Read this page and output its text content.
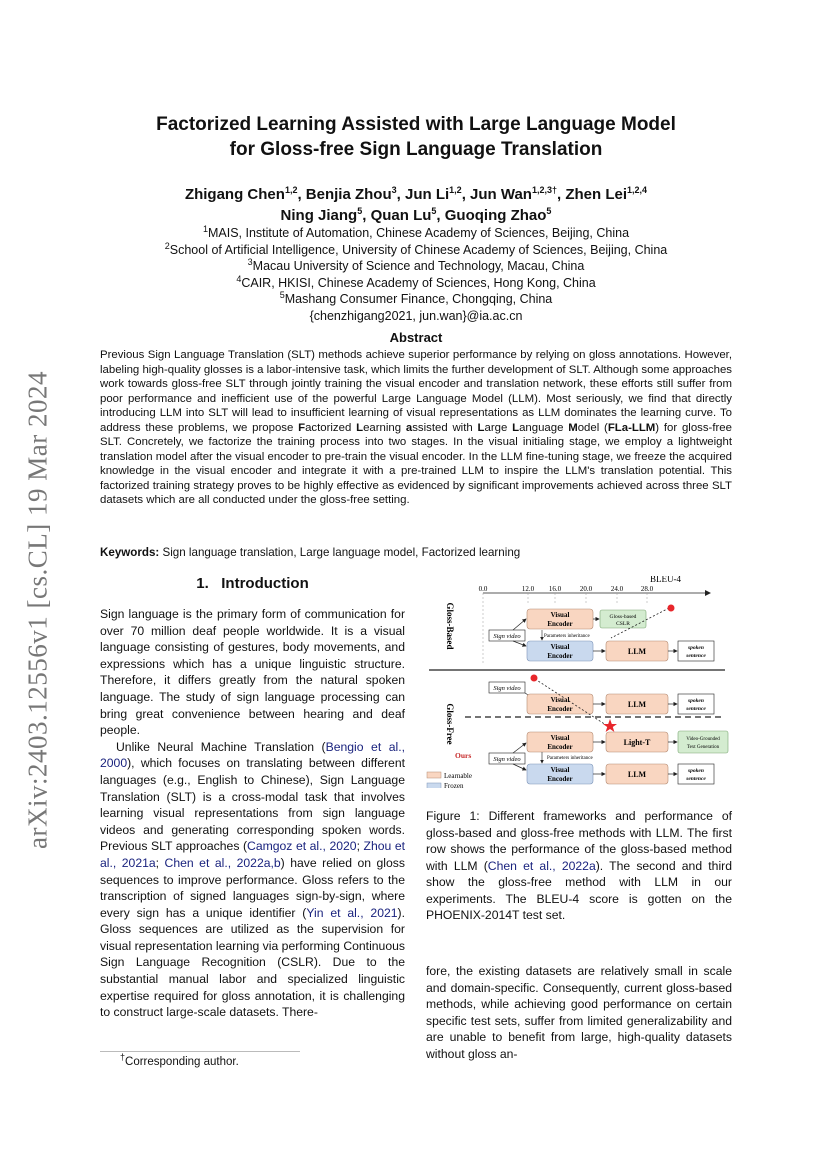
arXiv:2403.12556v1 [cs.CL] 19 Mar 2024
Factorized Learning Assisted with Large Language Model
for Gloss-free Sign Language Translation
Zhigang Chen$^{1,2}$, Benjia Zhou$^3$, Jun Li$^{1,2}$, Jun Wan$^{1,2,3\dagger}$, Zhen Lei$^{1,2,4}$
Ning Jiang$^5$, Quan Lu$^5$, Guoqing Zhao$^5$
$^1$MAIS, Institute of Automation, Chinese Academy of Sciences, Beijing, China
$^2$School of Artificial Intelligence, University of Chinese Academy of Sciences, Beijing, China
$^3$Macau University of Science and Technology, Macau, China
$^4$CAIR, HKISI, Chinese Academy of Sciences, Hong Kong, China
$^5$Mashang Consumer Finance, Chongqing, China
{chenzhigang2021, jun.wan}@ia.ac.cn
Abstract
Previous Sign Language Translation (SLT) methods achieve superior performance by relying on gloss annotations. However, labeling high-quality glosses is a labor-intensive task, which limits the further development of SLT. Although some approaches work towards gloss-free SLT through jointly training the visual encoder and translation network, these efforts still suffer from poor performance and inefficient use of the powerful Large Language Model (LLM). Most seriously, we find that directly introducing LLM into SLT will lead to insufficient learning of visual representations as LLM dominates the learning curve. To address these problems, we propose Factorized Learning assisted with Large Language Model (FLa-LLM) for gloss-free SLT. Concretely, we factorize the training process into two stages. In the visual initialing stage, we employ a lightweight translation model after the visual encoder to pre-train the visual encoder. In the LLM fine-tuning stage, we freeze the acquired knowledge in the visual encoder and integrate it with a pre-trained LLM to inspire the LLM's translation potential. This factorized training strategy proves to be highly effective as evidenced by significant improvements achieved across three SLT datasets which are all conducted under the gloss-free setting.
Keywords: Sign language translation, Large language model, Factorized learning
1. Introduction

Sign language is the primary form of communication for over 70 million deaf people worldwide. It is a visual language consisting of gestures, body movements, and expressions which has a unique linguistic structure. Therefore, it differs greatly from the natural spoken language. The study of sign language processing can bring great convenience between hearing and deaf people.

Unlike Neural Machine Translation (Bengio et al., 2000), which focuses on translating between different languages (e.g., English to Chinese), Sign Language Translation (SLT) is a cross-modal task that involves learning visual representations from sign language videos and generating corresponding spoken words. Previous SLT approaches (Camgoz et al., 2020; Zhou et al., 2021a; Chen et al., 2022a,b) have relied on gloss sequences to improve performance. Gloss refers to the transcription of signed languages sign-by-sign, where every sign has a unique identifier (Yin et al., 2021). Gloss sequences are utilized as the supervision for visual representation learning via performing Continuous Sign Language Recognition (CSLR). Due to the substantial manual labor and specialized linguistic expertise required for gloss annotation, it is challenging to construct large-scale datasets. There-

†Corresponding author.
BLEU-4
0.0	12.0 16.0	20.0	24.0	28.0
Gloss-Based
Gloss-Free
Visual
Encoder
Gloss-based
CSLR
Sign video	Parameters inheritance
Visual
Encoder	LLM	spoken
sentence
Sign video
Visual
Encoder	LLM	spoken
sentence
Ours
Visual
Encoder	Light-T	Video-Grounded
Text Generation
Sign video	Parameters inheritance
Visual
Encoder	LLM	spoken
sentence
Learnable
Frozen
Figure 1: Different frameworks and performance of gloss-based and gloss-free methods with LLM. The first row shows the performance of the gloss-based method with LLM (Chen et al., 2022a). The second and third show the gloss-free method with LLM in our experiments. The BLEU-4 score is gotten on the PHOENIX-2014T test set.

fore, the existing datasets are relatively small in scale and domain-specific. Consequently, current gloss-based methods, while achieving good performance on certain specific test sets, suffer from limited generalizability and are unable to benefit from large, high-quality datasets without gloss an-
